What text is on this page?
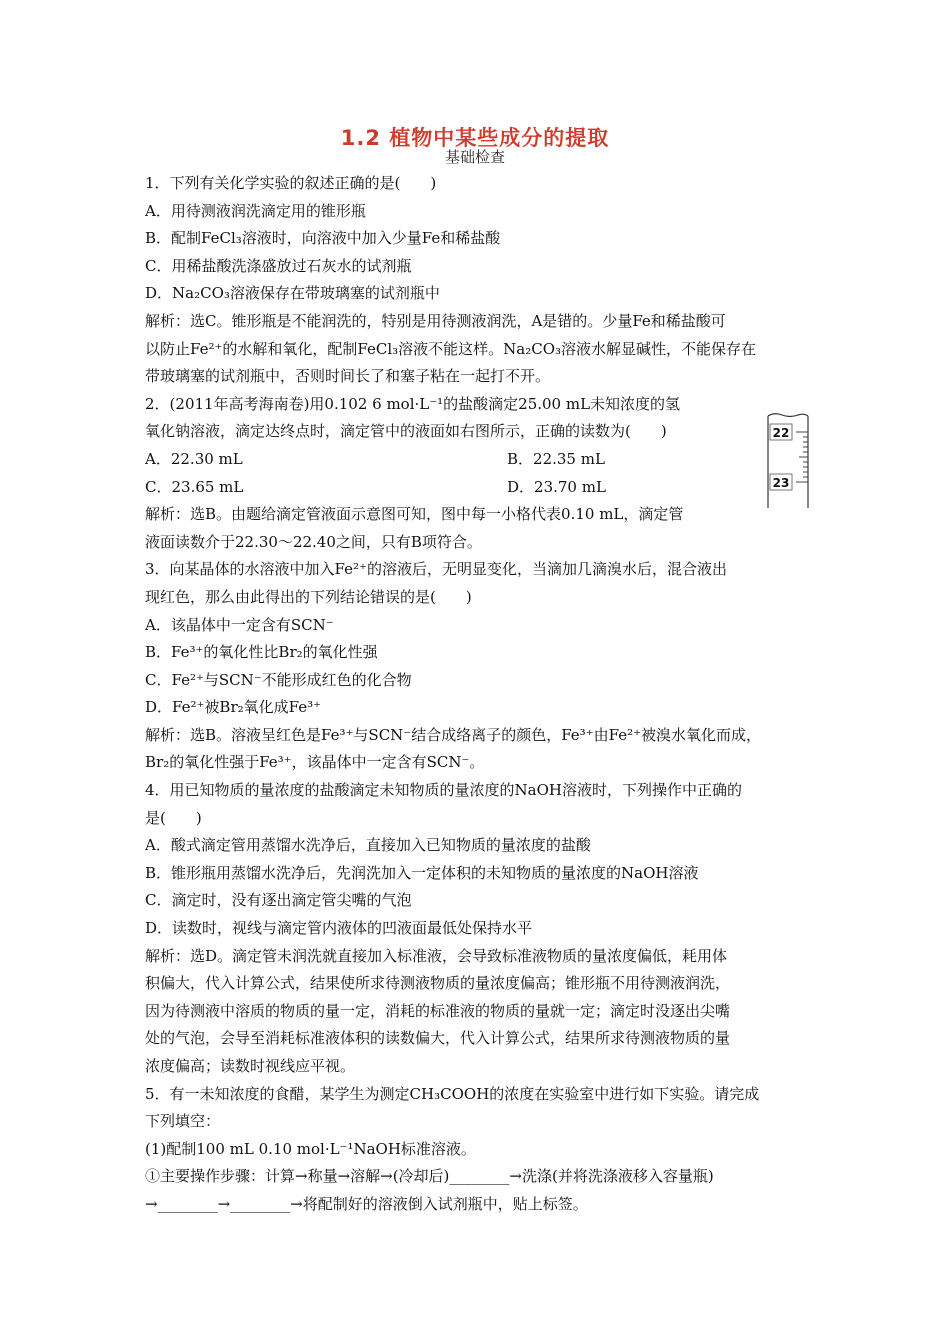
1.2 植物中某些成分的提取
基础检查
1．下列有关化学实验的叙述正确的是(　　)
A．用待测液润洗滴定用的锥形瓶
B．配制FeCl₃溶液时，向溶液中加入少量Fe和稀盐酸
C．用稀盐酸洗涤盛放过石灰水的试剂瓶
D．Na₂CO₃溶液保存在带玻璃塞的试剂瓶中
解析：选C。锥形瓶是不能润洗的，特别是用待测液润洗，A是错的。少量Fe和稀盐酸可
以防止Fe²⁺的水解和氧化，配制FeCl₃溶液不能这样。Na₂CO₃溶液水解显碱性，不能保存在
带玻璃塞的试剂瓶中，否则时间长了和塞子粘在一起打不开。
2．(2011年高考海南卷)用0.102 6 mol·L⁻¹的盐酸滴定25.00 mL未知浓度的氢
氧化钠溶液，滴定达终点时，滴定管中的液面如右图所示，正确的读数为(　　)
A．22.30 mL	B．22.35 mL
C．23.65 mL	D．23.70 mL
解析：选B。由题给滴定管液面示意图可知，图中每一小格代表0.10 mL，滴定管
液面读数介于22.30～22.40之间，只有B项符合。
3．向某晶体的水溶液中加入Fe²⁺的溶液后，无明显变化，当滴加几滴溴水后，混合液出
现红色，那么由此得出的下列结论错误的是(　　)
A．该晶体中一定含有SCN⁻
B．Fe³⁺的氧化性比Br₂的氧化性强
C．Fe²⁺与SCN⁻不能形成红色的化合物
D．Fe²⁺被Br₂氧化成Fe³⁺
解析：选B。溶液呈红色是Fe³⁺与SCN⁻结合成络离子的颜色，Fe³⁺由Fe²⁺被溴水氧化而成，
Br₂的氧化性强于Fe³⁺，该晶体中一定含有SCN⁻。
4．用已知物质的量浓度的盐酸滴定未知物质的量浓度的NaOH溶液时，下列操作中正确的
是(　　)
A．酸式滴定管用蒸馏水洗净后，直接加入已知物质的量浓度的盐酸
B．锥形瓶用蒸馏水洗净后，先润洗加入一定体积的未知物质的量浓度的NaOH溶液
C．滴定时，没有逐出滴定管尖嘴的气泡
D．读数时，视线与滴定管内液体的凹液面最低处保持水平
解析：选D。滴定管未润洗就直接加入标准液，会导致标准液物质的量浓度偏低，耗用体
积偏大，代入计算公式，结果使所求待测液物质的量浓度偏高；锥形瓶不用待测液润洗，
因为待测液中溶质的物质的量一定，消耗的标准液的物质的量就一定；滴定时没逐出尖嘴
处的气泡，会导至消耗标准液体积的读数偏大，代入计算公式，结果所求待测液物质的量
浓度偏高；读数时视线应平视。
5．有一未知浓度的食醋，某学生为测定CH₃COOH的浓度在实验室中进行如下实验。请完成
下列填空：
(1)配制100 mL 0.10 mol·L⁻¹NaOH标准溶液。
①主要操作步骤：计算→称量→溶解→(冷却后)________→洗涤(并将洗涤液移入容量瓶)
→________→________→将配制好的溶液倒入试剂瓶中，贴上标签。
22
23
